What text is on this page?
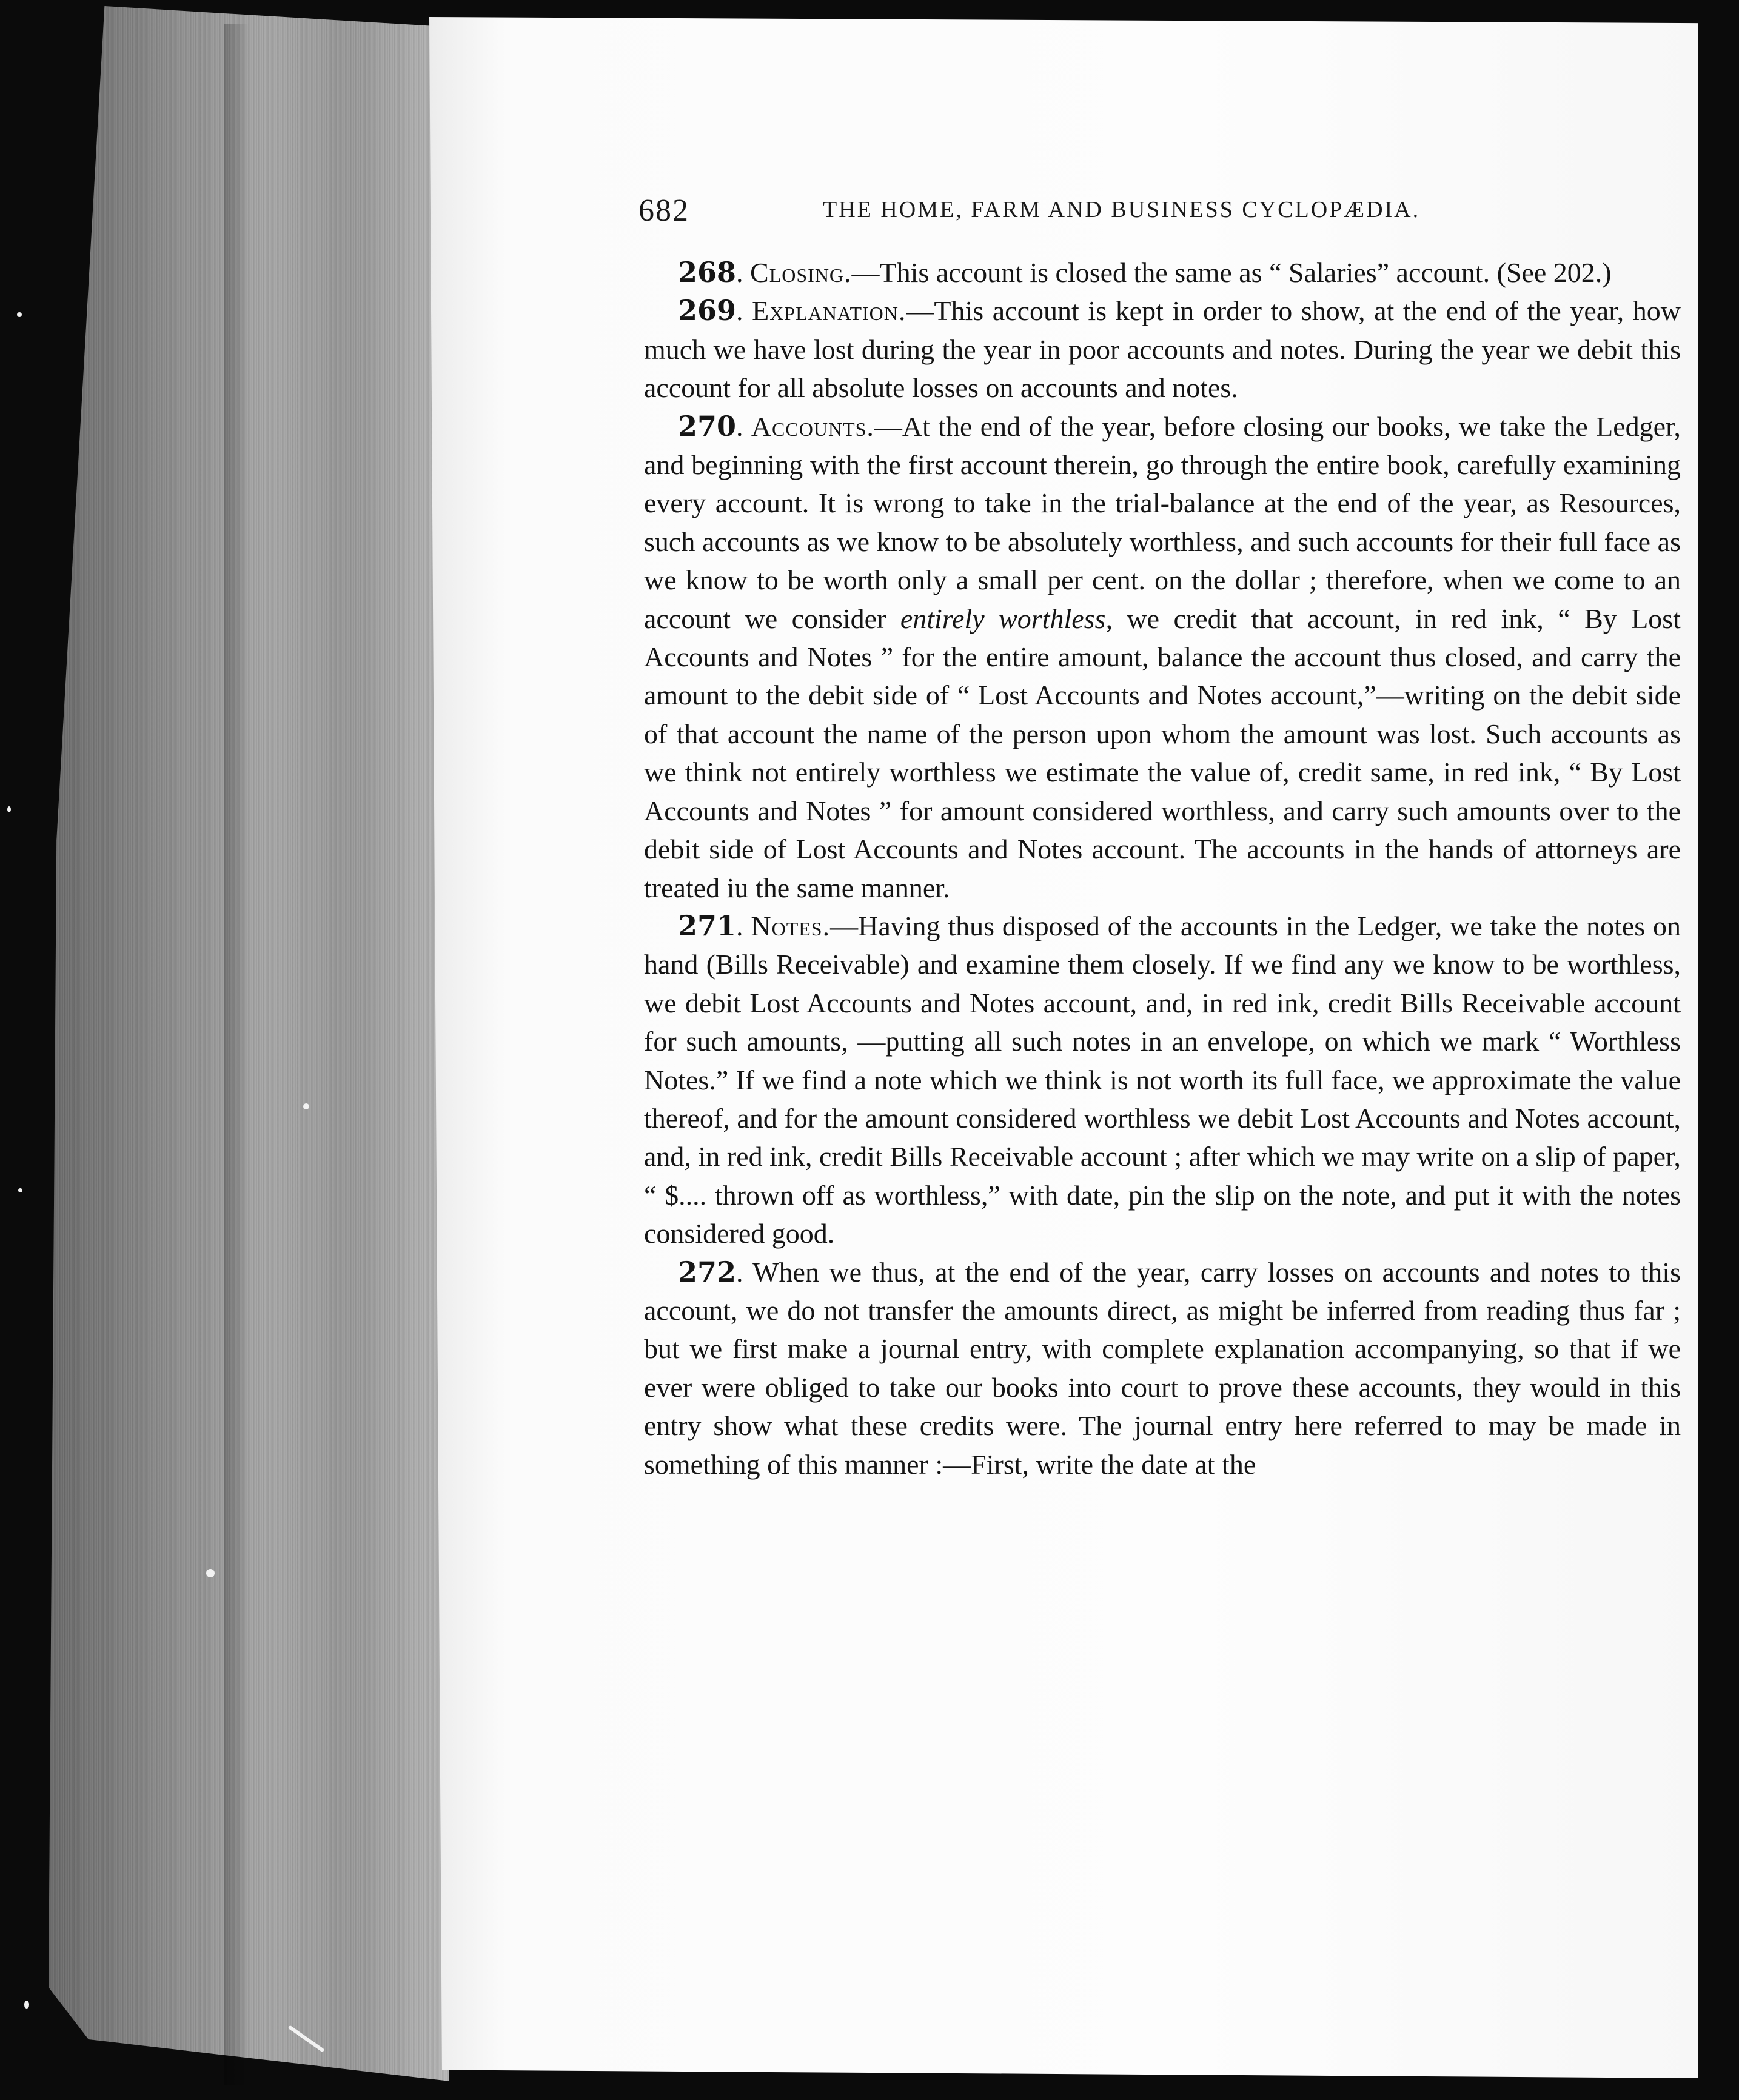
682	THE HOME, FARM AND BUSINESS CYCLOPÆDIA.

268. Closing.—This account is closed the same as “ Salaries” account. (See 202.)

269. Explanation.—This account is kept in order to show, at the end of the year, how much we have lost during the year in poor accounts and notes. During the year we debit this account for all absolute losses on accounts and notes.

270. Accounts.—At the end of the year, before closing our books, we take the Ledger, and beginning with the first account therein, go through the entire book, carefully examining every account. It is wrong to take in the trial-balance at the end of the year, as Resources, such accounts as we know to be absolutely worthless, and such accounts for their full face as we know to be worth only a small per cent. on the dollar ; therefore, when we come to an account we consider entirely worthless, we credit that account, in red ink, “ By Lost Accounts and Notes ” for the entire amount, balance the account thus closed, and carry the amount to the debit side of “ Lost Accounts and Notes account,”—writing on the debit side of that account the name of the person upon whom the amount was lost. Such accounts as we think not entirely worthless we estimate the value of, credit same, in red ink, “ By Lost Accounts and Notes ” for amount considered worthless, and carry such amounts over to the debit side of Lost Accounts and Notes account. The accounts in the hands of attorneys are treated iu the same manner.

271. Notes.—Having thus disposed of the accounts in the Ledger, we take the notes on hand (Bills Receivable) and examine them closely. If we find any we know to be worthless, we debit Lost Accounts and Notes account, and, in red ink, credit Bills Receivable account for such amounts, —putting all such notes in an envelope, on which we mark “ Worthless Notes.” If we find a note which we think is not worth its full face, we approximate the value thereof, and for the amount considered worthless we debit Lost Accounts and Notes account, and, in red ink, credit Bills Receivable account ; after which we may write on a slip of paper, “ $.... thrown off as worthless,” with date, pin the slip on the note, and put it with the notes considered good.

272. When we thus, at the end of the year, carry losses on accounts and notes to this account, we do not transfer the amounts direct, as might be inferred from reading thus far ; but we first make a journal entry, with complete explanation accompanying, so that if we ever were obliged to take our books into court to prove these accounts, they would in this entry show what these credits were. The journal entry here referred to may be made in something of this manner :—First, write the date at the
